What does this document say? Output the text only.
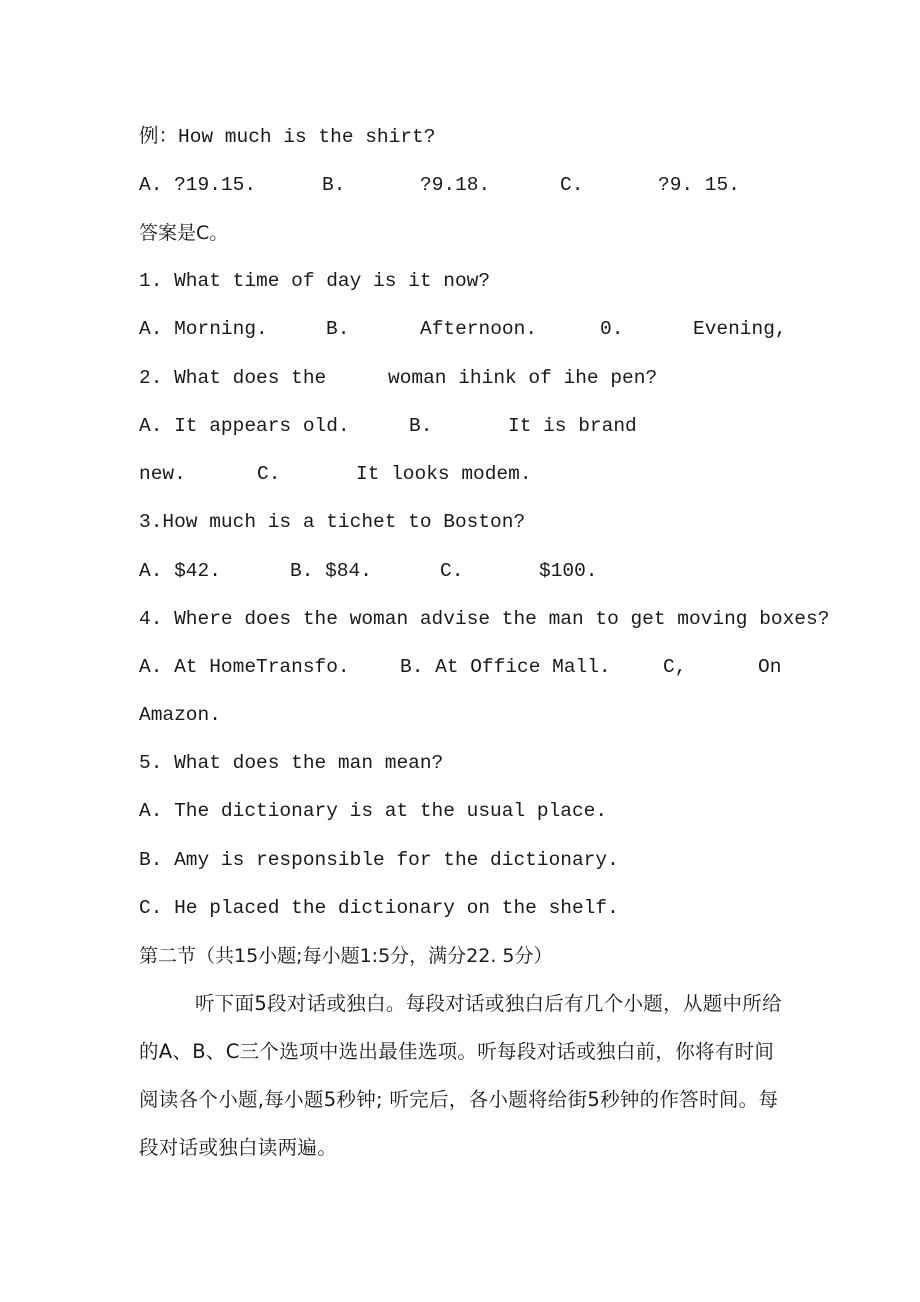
例：How much is the shirt?
A. ?19.15.	B.	?9.18.	C.	?9. 15.
答案是C。
1. What time of day is it now?
A. Morning.	B.	Afternoon.	0.	Evening,
2. What does the	woman ihink of ihe pen?
A. It appears old.	B.	It is brand
new.	C.	It looks modem.
3.How much is a tichet to Boston?
A. $42.	B. $84.	C.	$100.
4. Where does the woman advise the man to get moving boxes?
A. At HomeTransfo.	B. At Office Mall.	C,	On
Amazon.
5. What does the man mean?
A. The dictionary is at the usual place.
B. Amy is responsible for the dictionary.
C. He placed the dictionary on the shelf.
第二节（共15小题;每小题1:5分，满分22. 5分）

听下面5段对话或独白。每段对话或独白后有几个小题，从题中所给的A、B、C三个选项中选出最佳选项。听每段对话或独白前，你将有时间阅读各个小题,每小题5秒钟; 听完后，各小题将给街5秒钟的作答时间。每段对话或独白读两遍。
